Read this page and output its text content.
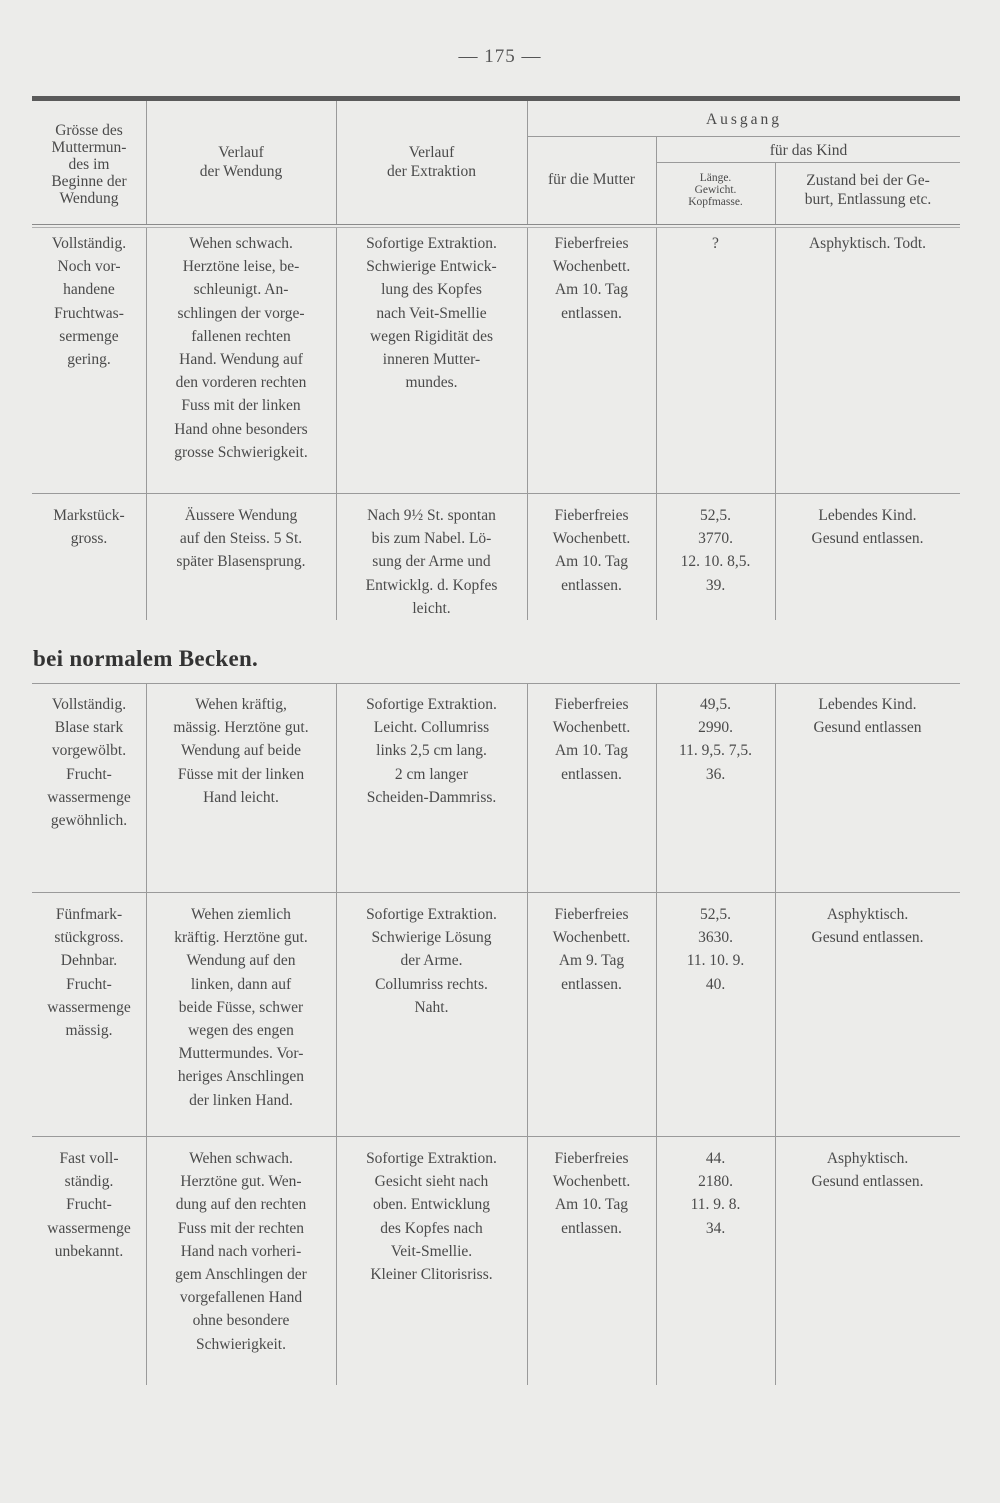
— 175 —
Grösse des
Muttermun-
des im
Beginne der
Wendung
Verlauf
der Wendung
Verlauf
der Extraktion
Ausgang
für die Mutter
für das Kind
Länge.
Gewicht.
Kopfmasse.
Zustand bei der Ge-
burt, Entlassung etc.
bei normalem Becken.
Vollständig.
Noch vor-
handene
Fruchtwas-
sermenge
gering.
Wehen schwach.
Herztöne leise, be-
schleunigt. An-
schlingen der vorge-
fallenen rechten
Hand. Wendung auf
den vorderen rechten
Fuss mit der linken
Hand ohne besonders
grosse Schwierigkeit.
Sofortige Extraktion.
Schwierige Entwick-
lung des Kopfes
nach Veit-Smellie
wegen Rigidität des
inneren Mutter-
mundes.
Fieberfreies
Wochenbett.
Am 10. Tag
entlassen.
?	Asphyktisch. Todt.
Markstück-
gross.
Äussere Wendung
auf den Steiss. 5 St.
später Blasensprung.
Nach 9½ St. spontan
bis zum Nabel. Lö-
sung der Arme und
Entwicklg. d. Kopfes
leicht.
Fieberfreies
Wochenbett.
Am 10. Tag
entlassen.
52,5.
3770.
12. 10. 8,5.
39.
Lebendes Kind.
Gesund entlassen.
Vollständig.
Blase stark
vorgewölbt.
Frucht-
wassermenge
gewöhnlich.
Wehen kräftig,
mässig. Herztöne gut.
Wendung auf beide
Füsse mit der linken
Hand leicht.
Sofortige Extraktion.
Leicht. Collumriss
links 2,5 cm lang.
2 cm langer
Scheiden-Dammriss.
Fieberfreies
Wochenbett.
Am 10. Tag
entlassen.
49,5.
2990.
11. 9,5. 7,5.
36.
Lebendes Kind.
Gesund entlassen
Fünfmark-
stückgross.
Dehnbar.
Frucht-
wassermenge
mässig.
Wehen ziemlich
kräftig. Herztöne gut.
Wendung auf den
linken, dann auf
beide Füsse, schwer
wegen des engen
Muttermundes. Vor-
heriges Anschlingen
der linken Hand.
Sofortige Extraktion.
Schwierige Lösung
der Arme.
Collumriss rechts.
Naht.
Fieberfreies
Wochenbett.
Am 9. Tag
entlassen.
52,5.
3630.
11. 10. 9.
40.
Asphyktisch.
Gesund entlassen.
Fast voll-
ständig.
Frucht-
wassermenge
unbekannt.
Wehen schwach.
Herztöne gut. Wen-
dung auf den rechten
Fuss mit der rechten
Hand nach vorheri-
gem Anschlingen der
vorgefallenen Hand
ohne besondere
Schwierigkeit.
Sofortige Extraktion.
Gesicht sieht nach
oben. Entwicklung
des Kopfes nach
Veit-Smellie.
Kleiner Clitorisriss.
Fieberfreies
Wochenbett.
Am 10. Tag
entlassen.
44.
2180.
11. 9. 8.
34.
Asphyktisch.
Gesund entlassen.
